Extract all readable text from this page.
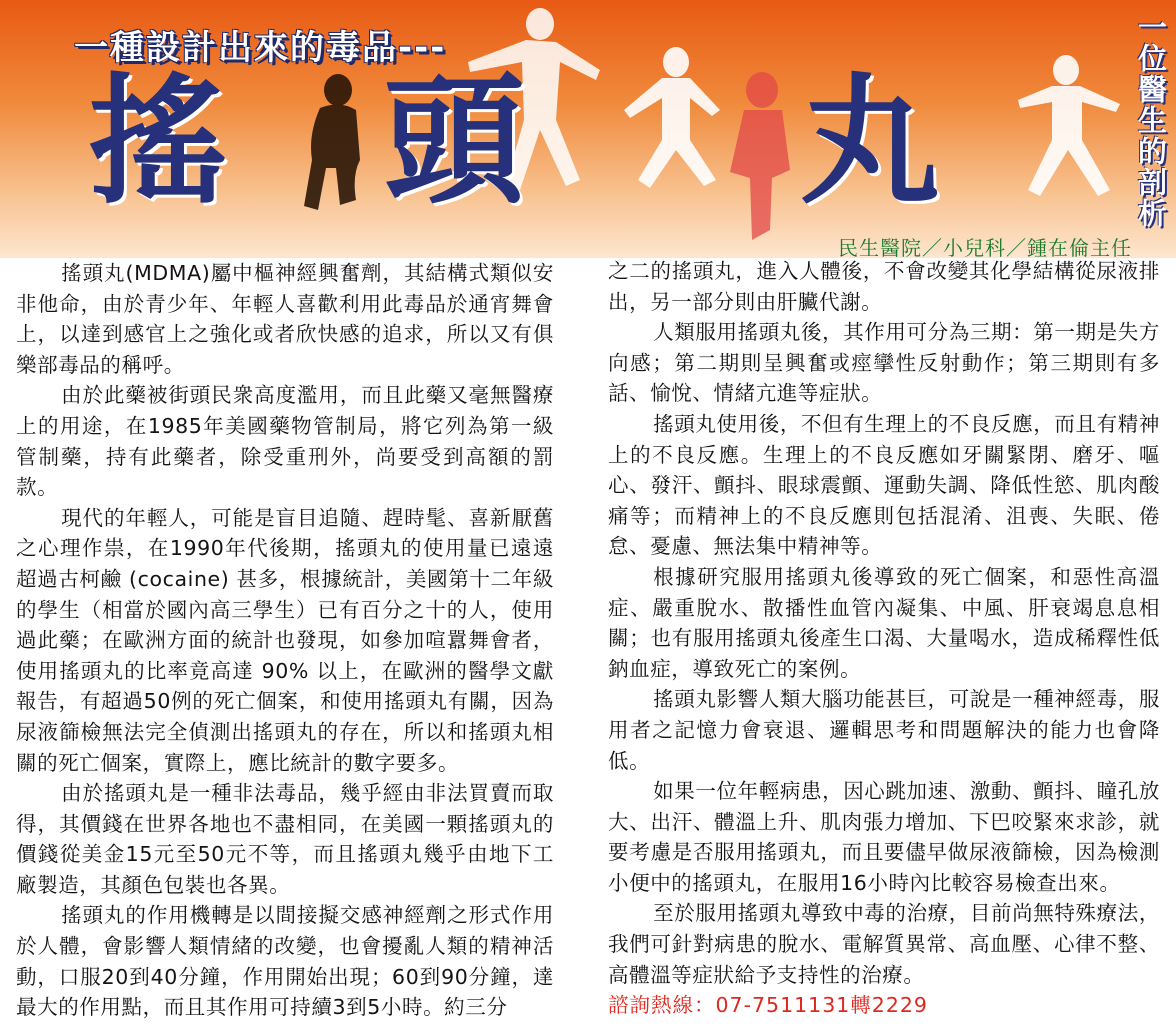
一種設計出來的毒品---
搖 頭 丸	一位醫生的剖析
民生醫院／小兒科／鍾在倫主任

搖頭丸(MDMA)屬中樞神經興奮劑，其結構式類似安非他命，由於青少年、年輕人喜歡利用此毒品於通宵舞會上，以達到感官上之強化或者欣快感的追求，所以又有俱樂部毒品的稱呼。

由於此藥被街頭民衆高度濫用，而且此藥又毫無醫療上的用途，在1985年美國藥物管制局，將它列為第一級管制藥，持有此藥者，除受重刑外，尚要受到高額的罰款。

現代的年輕人，可能是盲目追隨、趕時髦、喜新厭舊之心理作祟，在1990年代後期，搖頭丸的使用量已遠遠超過古柯鹼 (cocaine) 甚多，根據統計，美國第十二年級的學生（相當於國內高三學生）已有百分之十的人，使用過此藥；在歐洲方面的統計也發現，如參加喧囂舞會者，使用搖頭丸的比率竟高達 90% 以上，在歐洲的醫學文獻報告，有超過50例的死亡個案，和使用搖頭丸有關，因為尿液篩檢無法完全偵測出搖頭丸的存在，所以和搖頭丸相關的死亡個案，實際上，應比統計的數字要多。

由於搖頭丸是一種非法毒品，幾乎經由非法買賣而取得，其價錢在世界各地也不盡相同，在美國一顆搖頭丸的價錢從美金15元至50元不等，而且搖頭丸幾乎由地下工廠製造，其顏色包裝也各異。

搖頭丸的作用機轉是以間接擬交感神經劑之形式作用於人體，會影響人類情緒的改變，也會擾亂人類的精神活動，口服20到40分鐘，作用開始出現；60到90分鐘，達最大的作用點，而且其作用可持續3到5小時。約三分

之二的搖頭丸，進入人體後，不會改變其化學結構從尿液排出，另一部分則由肝臟代謝。

人類服用搖頭丸後，其作用可分為三期：第一期是失方向感；第二期則呈興奮或痙攣性反射動作；第三期則有多話、愉悅、情緒亢進等症狀。

搖頭丸使用後，不但有生理上的不良反應，而且有精神上的不良反應。生理上的不良反應如牙關緊閉、磨牙、嘔心、發汗、顫抖、眼球震顫、運動失調、降低性慾、肌肉酸痛等；而精神上的不良反應則包括混淆、沮喪、失眠、倦怠、憂慮、無法集中精神等。

根據研究服用搖頭丸後導致的死亡個案，和惡性高溫症、嚴重脫水、散播性血管內凝集、中風、肝衰竭息息相關；也有服用搖頭丸後產生口渴、大量喝水，造成稀釋性低鈉血症，導致死亡的案例。

搖頭丸影響人類大腦功能甚巨，可說是一種神經毒，服用者之記憶力會衰退、邏輯思考和問題解決的能力也會降低。

如果一位年輕病患，因心跳加速、激動、顫抖、瞳孔放大、出汗、體溫上升、肌肉張力增加、下巴咬緊來求診，就要考慮是否服用搖頭丸，而且要儘早做尿液篩檢，因為檢測小便中的搖頭丸，在服用16小時內比較容易檢查出來。

至於服用搖頭丸導致中毒的治療，目前尚無特殊療法，我們可針對病患的脫水、電解質異常、高血壓、心律不整、高體溫等症狀給予支持性的治療。

諮詢熱線：07-7511131轉2229
